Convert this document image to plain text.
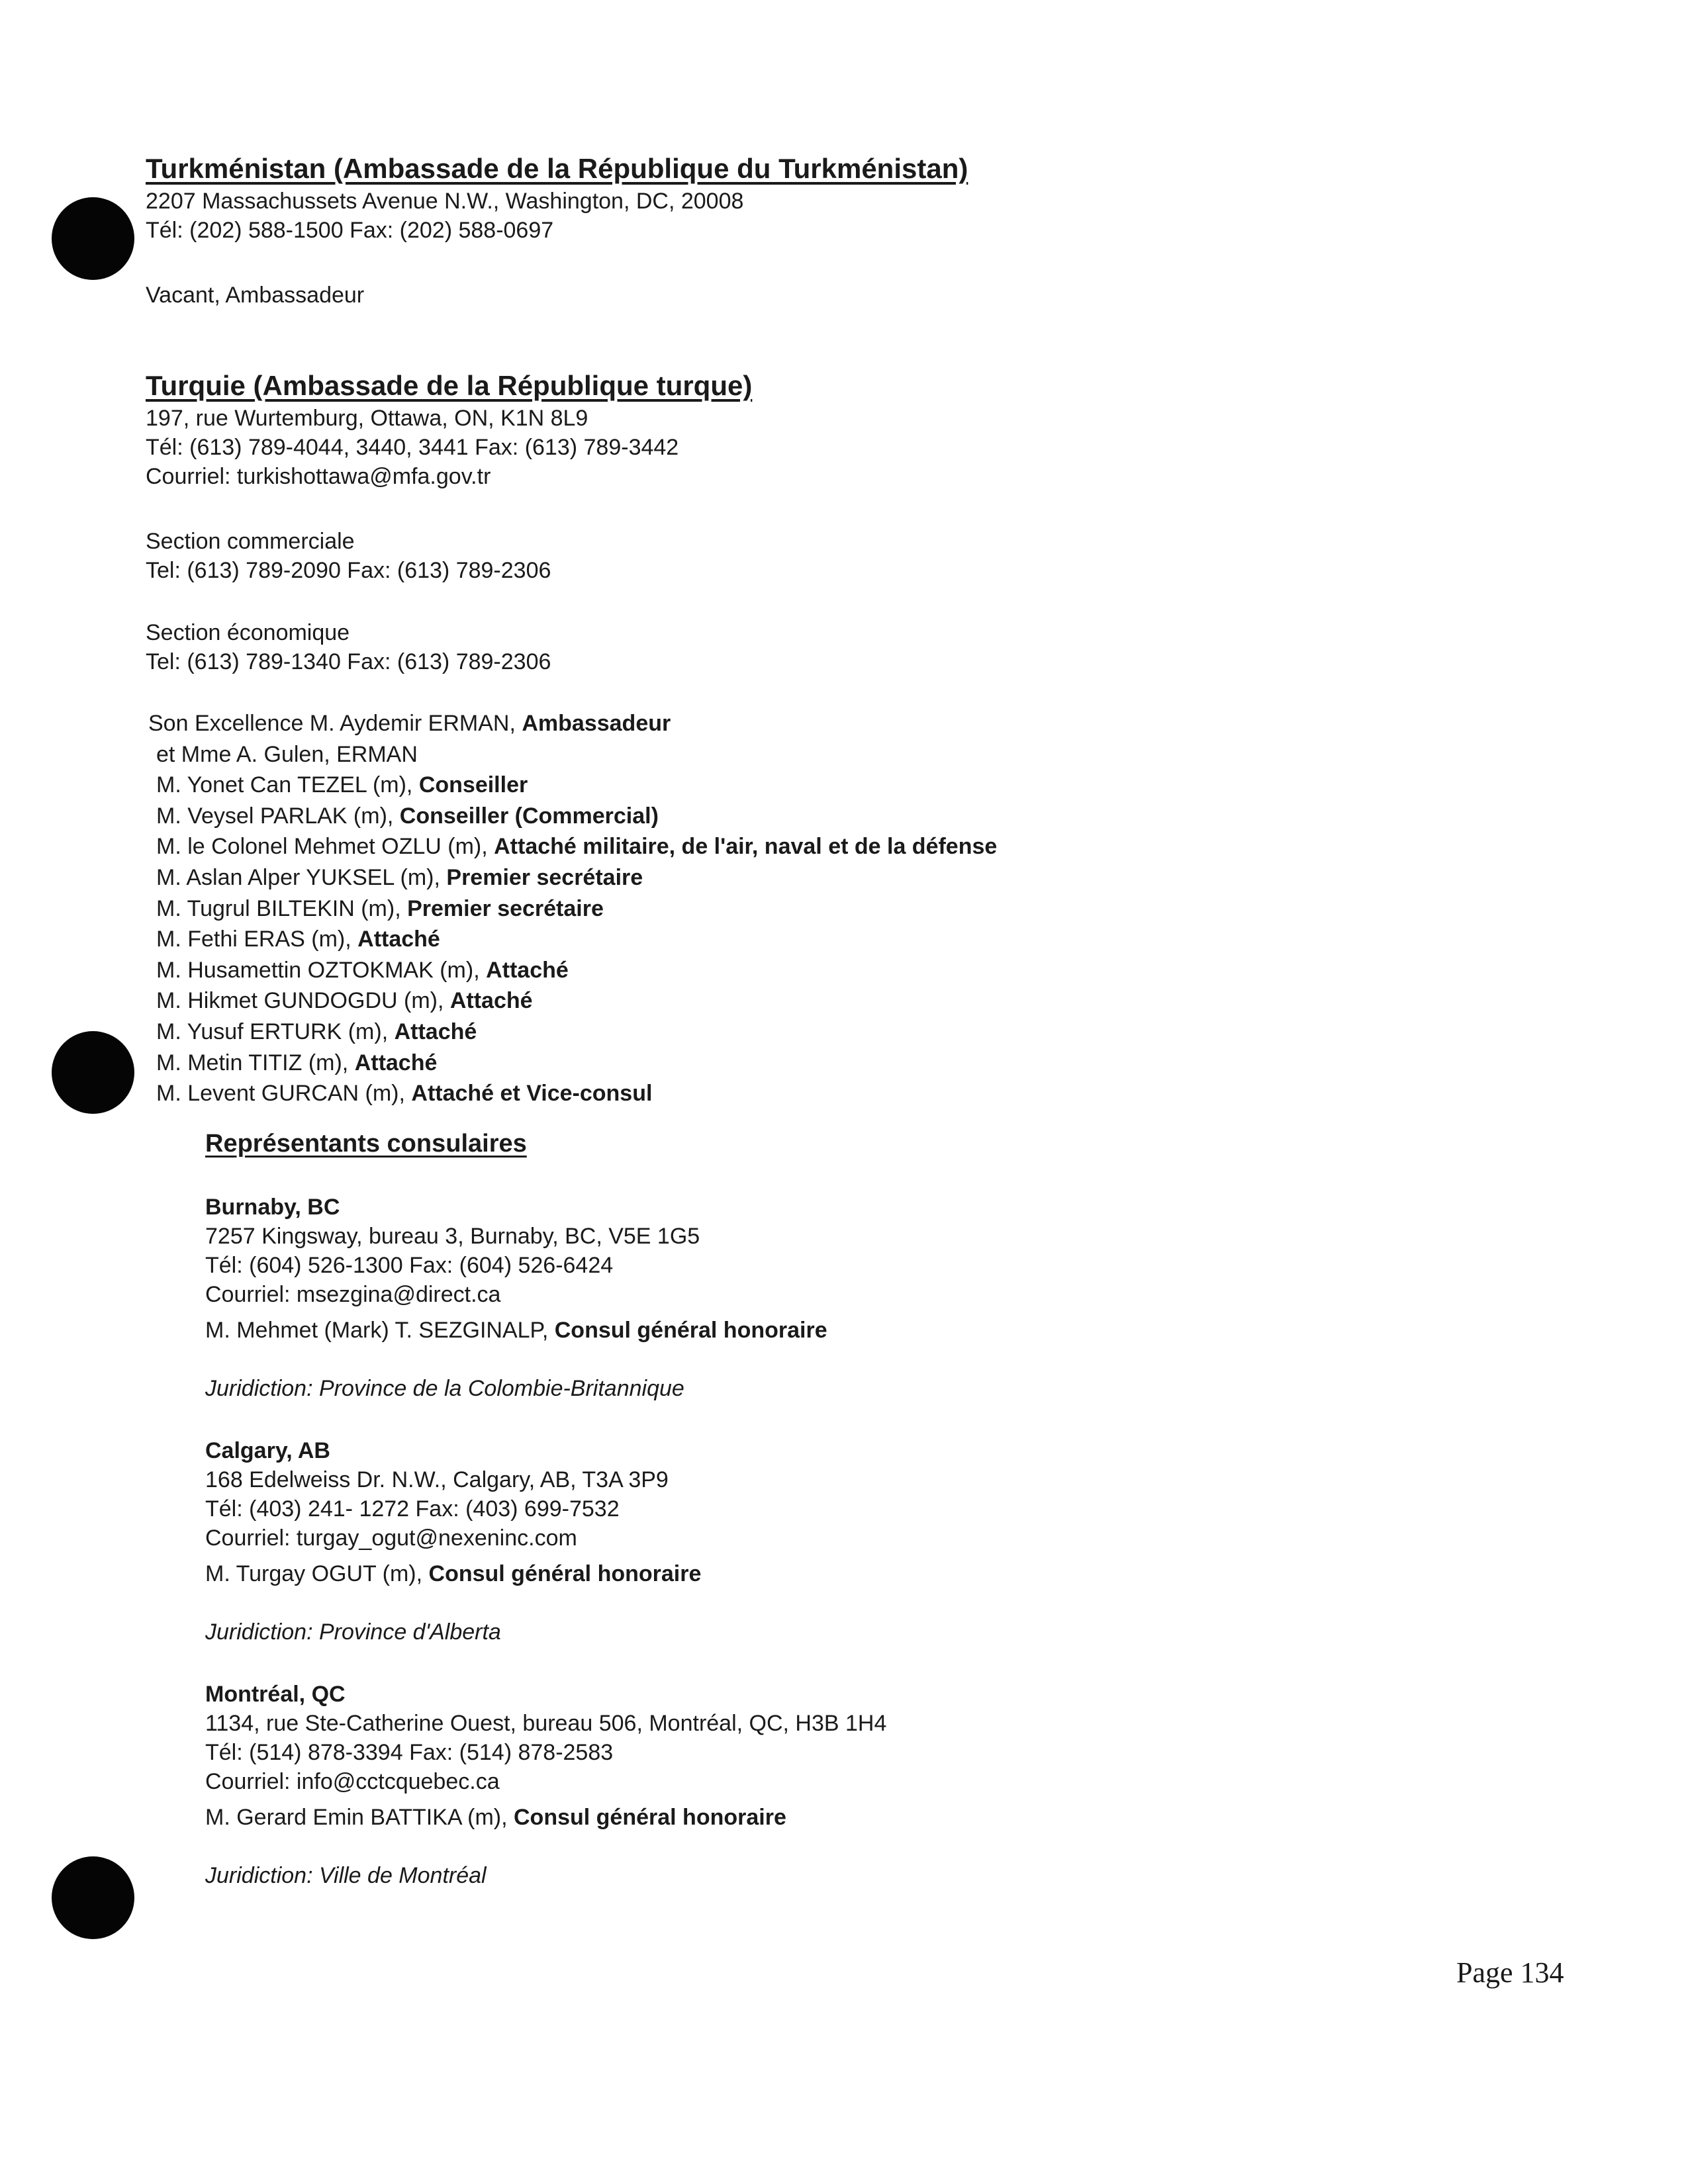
Turkménistan (Ambassade de la République du Turkménistan)
2207 Massachussets Avenue N.W., Washington, DC, 20008
Tél: (202) 588-1500 Fax: (202) 588-0697
Vacant, Ambassadeur
Turquie (Ambassade de la République turque)
197, rue Wurtemburg, Ottawa, ON, K1N 8L9
Tél: (613) 789-4044, 3440, 3441 Fax: (613) 789-3442
Courriel: turkishottawa@mfa.gov.tr
Section commerciale
Tel: (613) 789-2090 Fax: (613) 789-2306
Section économique
Tel: (613) 789-1340 Fax: (613) 789-2306
Son Excellence M. Aydemir ERMAN, Ambassadeur
et Mme A. Gulen, ERMAN
M. Yonet Can TEZEL (m), Conseiller
M. Veysel PARLAK (m), Conseiller (Commercial)
M. le Colonel Mehmet OZLU (m), Attaché militaire, de l'air, naval et de la défense
M. Aslan Alper YUKSEL (m), Premier secrétaire
M. Tugrul BILTEKIN (m), Premier secrétaire
M. Fethi ERAS (m), Attaché
M. Husamettin OZTOKMAK (m), Attaché
M. Hikmet GUNDOGDU (m), Attaché
M. Yusuf ERTURK (m), Attaché
M. Metin TITIZ (m), Attaché
M. Levent GURCAN (m), Attaché et Vice-consul
Représentants consulaires
Burnaby, BC
7257 Kingsway, bureau 3, Burnaby, BC, V5E 1G5
Tél: (604) 526-1300 Fax: (604) 526-6424
Courriel: msezgina@direct.ca
M. Mehmet (Mark) T. SEZGINALP, Consul général honoraire
Juridiction: Province de la Colombie-Britannique
Calgary, AB
168 Edelweiss Dr. N.W., Calgary, AB, T3A 3P9
Tél: (403) 241- 1272 Fax: (403) 699-7532
Courriel: turgay_ogut@nexeninc.com
M. Turgay OGUT (m), Consul général honoraire
Juridiction: Province d'Alberta
Montréal, QC
1134, rue Ste-Catherine Ouest, bureau 506, Montréal, QC, H3B 1H4
Tél: (514) 878-3394 Fax: (514) 878-2583
Courriel: info@cctcquebec.ca
M. Gerard Emin BATTIKA (m), Consul général honoraire
Juridiction: Ville de Montréal
Page 134
